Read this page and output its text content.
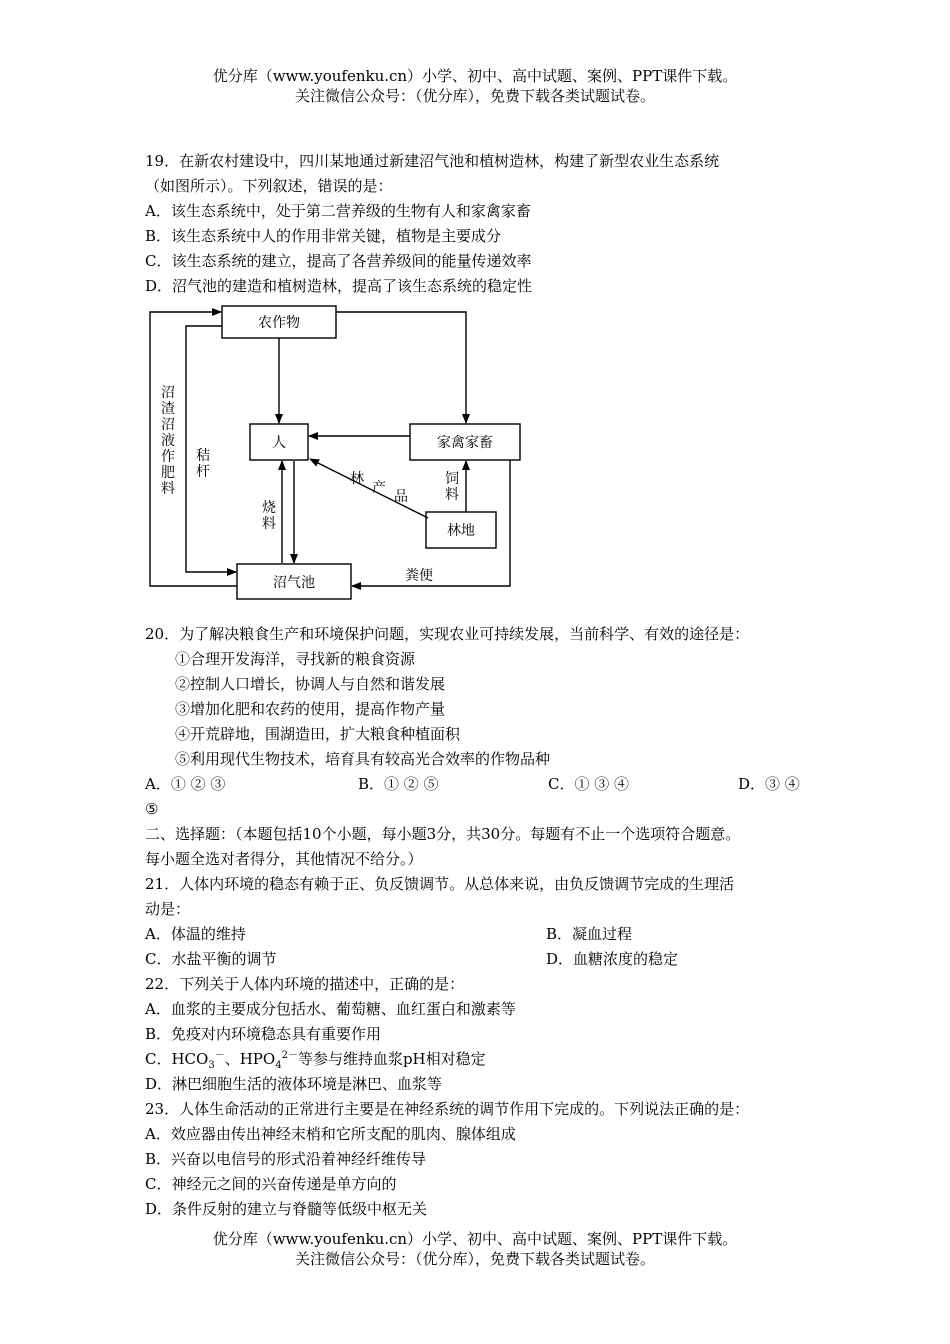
优分库（www.youfenku.cn）小学、初中、高中试题、案例、PPT课件下载。
关注微信公众号：（优分库），免费下载各类试题试卷。
19．在新农村建设中，四川某地通过新建沼气池和植树造林，构建了新型农业生态系统
（如图所示）。下列叙述，错误的是：
A．该生态系统中，处于第二营养级的生物有人和家禽家畜
B．该生态系统中人的作用非常关键，植物是主要成分
C．该生态系统的建立，提高了各营养级间的能量传递效率
D．沼气池的建造和植树造林，提高了该生态系统的稳定性
农作物
人	家禽家畜
林地
沼气池
沼
渣
沼
液
作
肥
料
秸
杆
烧
料
林
产
品
饲
料
粪便
20．为了解决粮食生产和环境保护问题，实现农业可持续发展，当前科学、有效的途径是：
①合理开发海洋，寻找新的粮食资源
②控制人口增长，协调人与自然和谐发展
③增加化肥和农药的使用，提高作物产量
④开荒辟地，围湖造田，扩大粮食种植面积
⑤利用现代生物技术，培育具有较高光合效率的作物品种
A．① ② ③	B．① ② ⑤	C．① ③ ④	D．③ ④
⑤
二、选择题：（本题包括10个小题，每小题3分，共30分。每题有不止一个选项符合题意。
每小题全选对者得分，其他情况不给分。）
21．人体内环境的稳态有赖于正、负反馈调节。从总体来说，由负反馈调节完成的生理活
动是：
A．体温的维持	B．凝血过程
C．水盐平衡的调节	D．血糖浓度的稳定
22．下列关于人体内环境的描述中，正确的是：
A．血浆的主要成分包括水、葡萄糖、血红蛋白和激素等
B．免疫对内环境稳态具有重要作用
C．$HCO_3^-$、$HPO_4^{2-}$等参与维持血浆pH相对稳定
D．淋巴细胞生活的液体环境是淋巴、血浆等
23．人体生命活动的正常进行主要是在神经系统的调节作用下完成的。下列说法正确的是：
A．效应器由传出神经末梢和它所支配的肌肉、腺体组成
B．兴奋以电信号的形式沿着神经纤维传导
C．神经元之间的兴奋传递是单方向的
D．条件反射的建立与脊髓等低级中枢无关
优分库（www.youfenku.cn）小学、初中、高中试题、案例、PPT课件下载。
关注微信公众号：（优分库），免费下载各类试题试卷。
